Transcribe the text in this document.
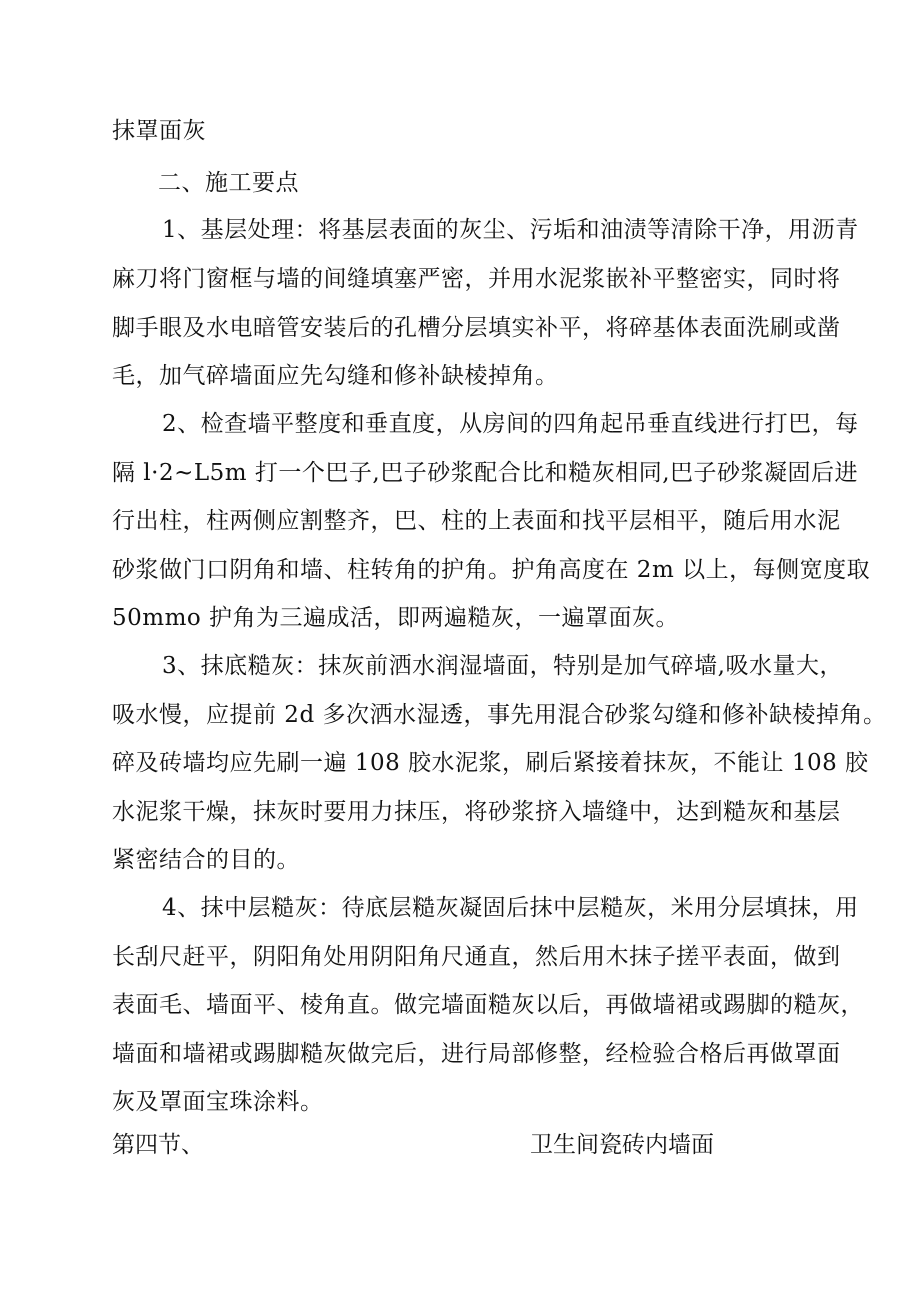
抹罩面灰
二、施工要点
1、基层处理：将基层表面的灰尘、污垢和油渍等清除干净，用沥青
麻刀将门窗框与墙的间缝填塞严密，并用水泥浆嵌补平整密实，同时将
脚手眼及水电暗管安装后的孔槽分层填实补平，将碎基体表面洗刷或凿
毛，加气碎墙面应先勾缝和修补缺棱掉角。
2、检查墙平整度和垂直度，从房间的四角起吊垂直线进行打巴，每
隔 l·2~L5m 打一个巴子,巴子砂浆配合比和糙灰相同,巴子砂浆凝固后进
行出柱，柱两侧应割整齐，巴、柱的上表面和找平层相平，随后用水泥
砂浆做门口阴角和墙、柱转角的护角。护角高度在 2m 以上，每侧宽度取
50mmo 护角为三遍成活，即两遍糙灰，一遍罩面灰。
3、抹底糙灰：抹灰前洒水润湿墙面，特别是加气碎墙,吸水量大，
吸水慢，应提前 2d 多次洒水湿透，事先用混合砂浆勾缝和修补缺棱掉角。
碎及砖墙均应先刷一遍 108 胶水泥浆，刷后紧接着抹灰，不能让 108 胶
水泥浆干燥，抹灰时要用力抹压，将砂浆挤入墙缝中，达到糙灰和基层
紧密结合的目的。
4、抹中层糙灰：待底层糙灰凝固后抹中层糙灰，米用分层填抹，用
长刮尺赶平，阴阳角处用阴阳角尺通直，然后用木抹子搓平表面，做到
表面毛、墙面平、棱角直。做完墙面糙灰以后，再做墙裙或踢脚的糙灰，
墙面和墙裙或踢脚糙灰做完后，进行局部修整，经检验合格后再做罩面
灰及罩面宝珠涂料。
第四节、	卫生间瓷砖内墙面
